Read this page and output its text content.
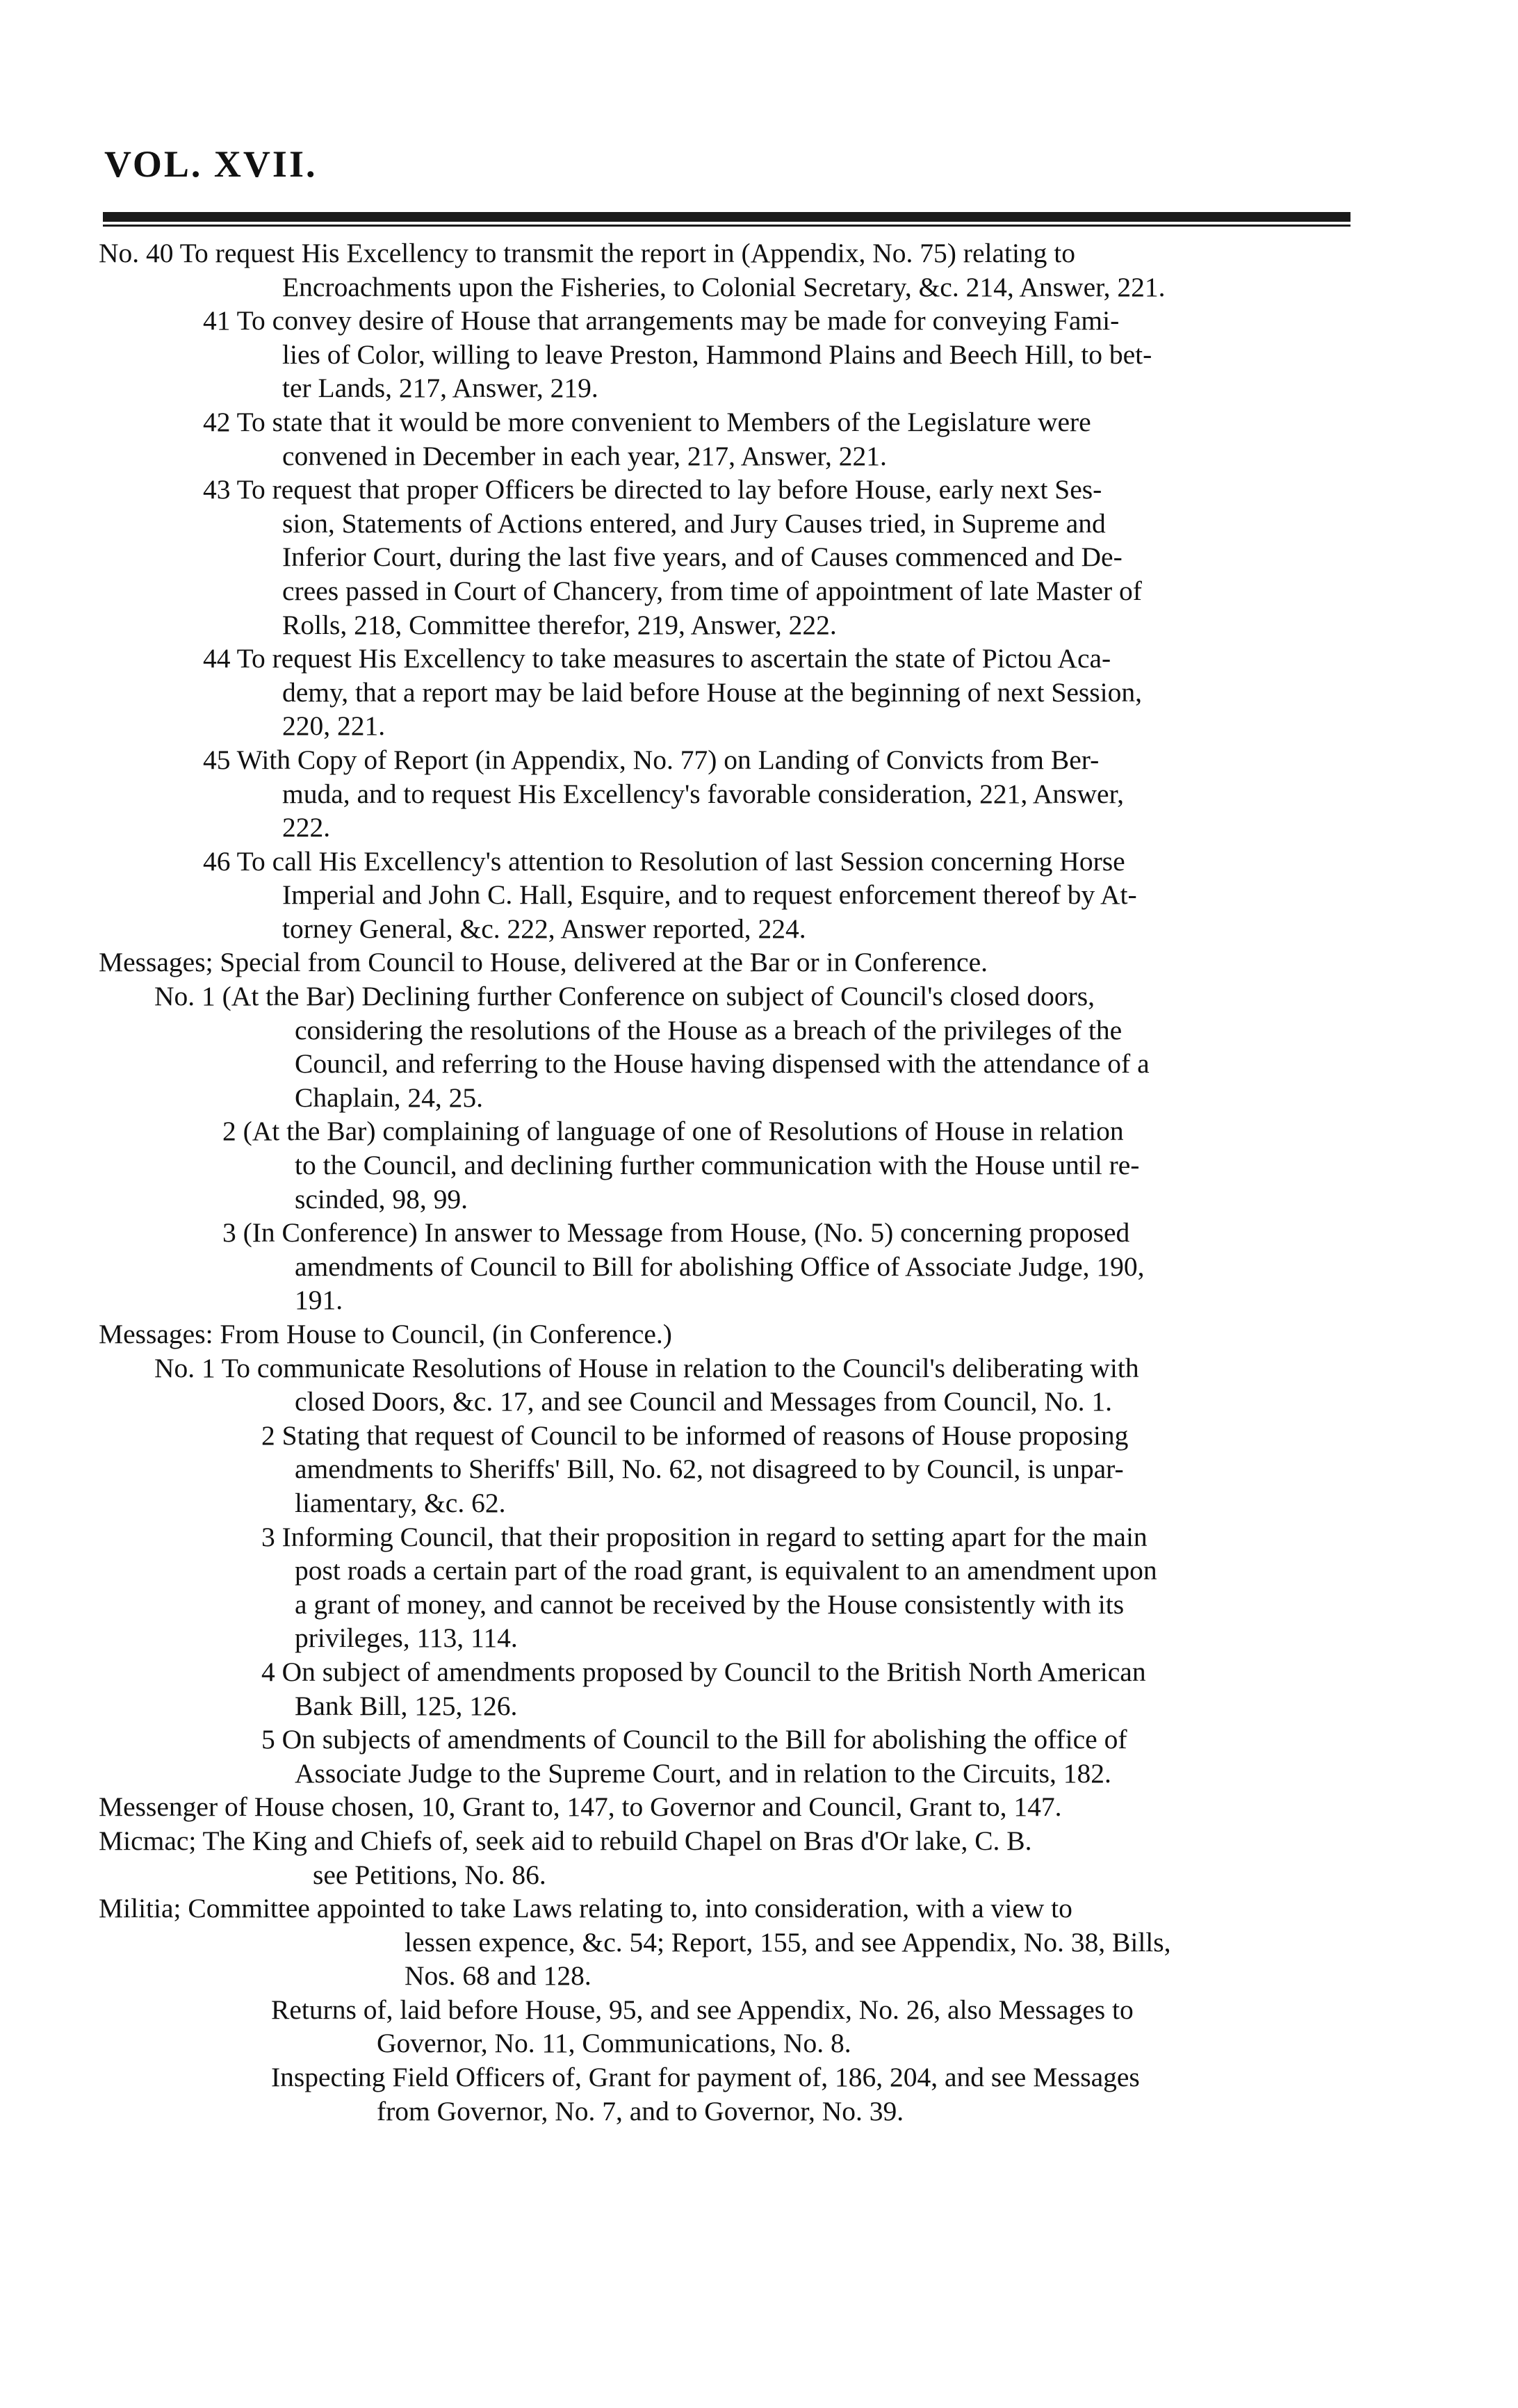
VOL. XVII.
No. 40 To request His Excellency to transmit the report in (Appendix, No. 75) relating to
Encroachments upon the Fisheries, to Colonial Secretary, &c. 214, Answer, 221.
41 To convey desire of House that arrangements may be made for conveying Fami-
lies of Color, willing to leave Preston, Hammond Plains and Beech Hill, to bet-
ter Lands, 217, Answer, 219.
42 To state that it would be more convenient to Members of the Legislature were
convened in December in each year, 217, Answer, 221.
43 To request that proper Officers be directed to lay before House, early next Ses-
sion, Statements of Actions entered, and Jury Causes tried, in Supreme and
Inferior Court, during the last five years, and of Causes commenced and De-
crees passed in Court of Chancery, from time of appointment of late Master of
Rolls, 218, Committee therefor, 219, Answer, 222.
44 To request His Excellency to take measures to ascertain the state of Pictou Aca-
demy, that a report may be laid before House at the beginning of next Session,
220, 221.
45 With Copy of Report (in Appendix, No. 77) on Landing of Convicts from Ber-
muda, and to request His Excellency's favorable consideration, 221, Answer,
222.
46 To call His Excellency's attention to Resolution of last Session concerning Horse
Imperial and John C. Hall, Esquire, and to request enforcement thereof by At-
torney General, &c. 222, Answer reported, 224.
Messages; Special from Council to House, delivered at the Bar or in Conference.
No. 1 (At the Bar) Declining further Conference on subject of Council's closed doors,
considering the resolutions of the House as a breach of the privileges of the
Council, and referring to the House having dispensed with the attendance of a
Chaplain, 24, 25.
2 (At the Bar) complaining of language of one of Resolutions of House in relation
to the Council, and declining further communication with the House until re-
scinded, 98, 99.
3 (In Conference) In answer to Message from House, (No. 5) concerning proposed
amendments of Council to Bill for abolishing Office of Associate Judge, 190,
191.
Messages: From House to Council, (in Conference.)
No. 1 To communicate Resolutions of House in relation to the Council's deliberating with
closed Doors, &c. 17, and see Council and Messages from Council, No. 1.
2 Stating that request of Council to be informed of reasons of House proposing
amendments to Sheriffs' Bill, No. 62, not disagreed to by Council, is unpar-
liamentary, &c. 62.
3 Informing Council, that their proposition in regard to setting apart for the main
post roads a certain part of the road grant, is equivalent to an amendment upon
a grant of money, and cannot be received by the House consistently with its
privileges, 113, 114.
4 On subject of amendments proposed by Council to the British North American
Bank Bill, 125, 126.
5 On subjects of amendments of Council to the Bill for abolishing the office of
Associate Judge to the Supreme Court, and in relation to the Circuits, 182.
Messenger of House chosen, 10, Grant to, 147, to Governor and Council, Grant to, 147.
Micmac; The King and Chiefs of, seek aid to rebuild Chapel on Bras d'Or lake, C. B.
see Petitions, No. 86.
Militia; Committee appointed to take Laws relating to, into consideration, with a view to
lessen expence, &c. 54; Report, 155, and see Appendix, No. 38, Bills,
Nos. 68 and 128.
Returns of, laid before House, 95, and see Appendix, No. 26, also Messages to
Governor, No. 11, Communications, No. 8.
Inspecting Field Officers of, Grant for payment of, 186, 204, and see Messages
from Governor, No. 7, and to Governor, No. 39.
